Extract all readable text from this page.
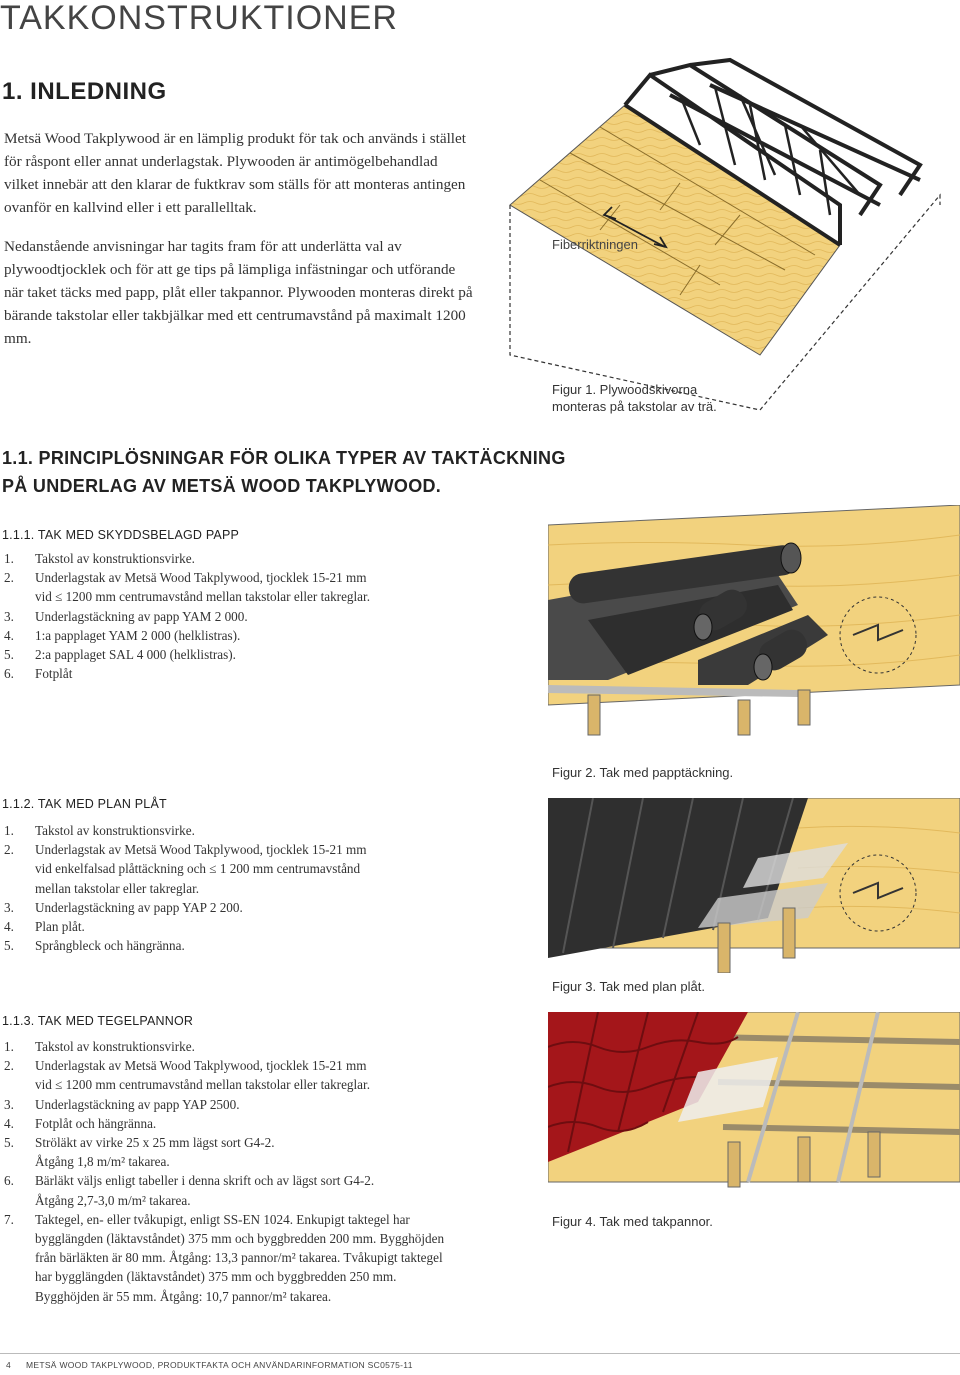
TAKKONSTRUKTIONER
1. INLEDNING

Metsä Wood Takplywood är en lämplig produkt för tak och används i stället för råspont eller annat underlagstak. Plywooden är antimögelbehandlad vilket innebär att den klarar de fuktkrav som ställs för att monteras antingen ovanför en kallvind eller i ett parallelltak.

Nedanstående anvisningar har tagits fram för att underlätta val av plywoodtjocklek och för att ge tips på lämpliga infästningar och utförande när taket täcks med papp, plåt eller takpannor. Plywooden monteras direkt på bärande takstolar eller takbjälkar med ett centrumavstånd på maximalt 1200 mm.

Fiberriktningen
Figur 1. Plywoodskivorna
monteras på takstolar av trä.
1.1. PRINCIPLÖSNINGAR FÖR OLIKA TYPER AV TAKTÄCKNING
PÅ UNDERLAG AV METSÄ WOOD TAKPLYWOOD.
1.1.1. TAK MED SKYDDSBELAGD PAPP
1. Takstol av konstruktionsvirke.
2. Underlagstak av Metsä Wood Takplywood, tjocklek 15-21 mm
vid ≤ 1200 mm centrumavstånd mellan takstolar eller takreglar.
3. Underlagstäckning av papp YAM 2 000.
4. 1:a papplaget YAM 2 000 (helklistras).
5. 2:a papplaget SAL 4 000 (helklistras).
6. Fotplåt
Figur 2. Tak med papptäckning.
1.1.2. TAK MED PLAN PLÅT
1. Takstol av konstruktionsvirke.
2. Underlagstak av Metsä Wood Takplywood, tjocklek 15-21 mm
vid enkelfalsad plåttäckning och ≤ 1 200 mm centrumavstånd
mellan takstolar eller takreglar.
3. Underlagstäckning av papp YAP 2 200.
4. Plan plåt.
5. Språngbleck och hängränna.
Figur 3. Tak med plan plåt.
1.1.3. TAK MED TEGELPANNOR
1. Takstol av konstruktionsvirke.
2. Underlagstak av Metsä Wood Takplywood, tjocklek 15-21 mm
vid ≤ 1200 mm centrumavstånd mellan takstolar eller takreglar.
3. Underlagstäckning av papp YAP 2500.
4. Fotplåt och hängränna.
5. Ströläkt av virke 25 x 25 mm lägst sort G4-2.
Åtgång 1,8 m/m² takarea.
6. Bärläkt väljs enligt tabeller i denna skrift och av lägst sort G4-2.
Åtgång 2,7-3,0 m/m² takarea.
7. Taktegel, en- eller tvåkupigt, enligt SS-EN 1024. Enkupigt taktegel har
bygglängden (läktavståndet) 375 mm och byggbredden 200 mm. Bygghöjden
från bärläkten är 80 mm. Åtgång: 13,3 pannor/m² takarea. Tvåkupigt taktegel
har bygglängden (läktavståndet) 375 mm och byggbredden 250 mm.
Bygghöjden är 55 mm. Åtgång: 10,7 pannor/m² takarea.
Figur 4. Tak med takpannor.
4 METSÄ WOOD TAKPLYWOOD, PRODUKTFAKTA OCH ANVÄNDARINFORMATION SC0575-11
